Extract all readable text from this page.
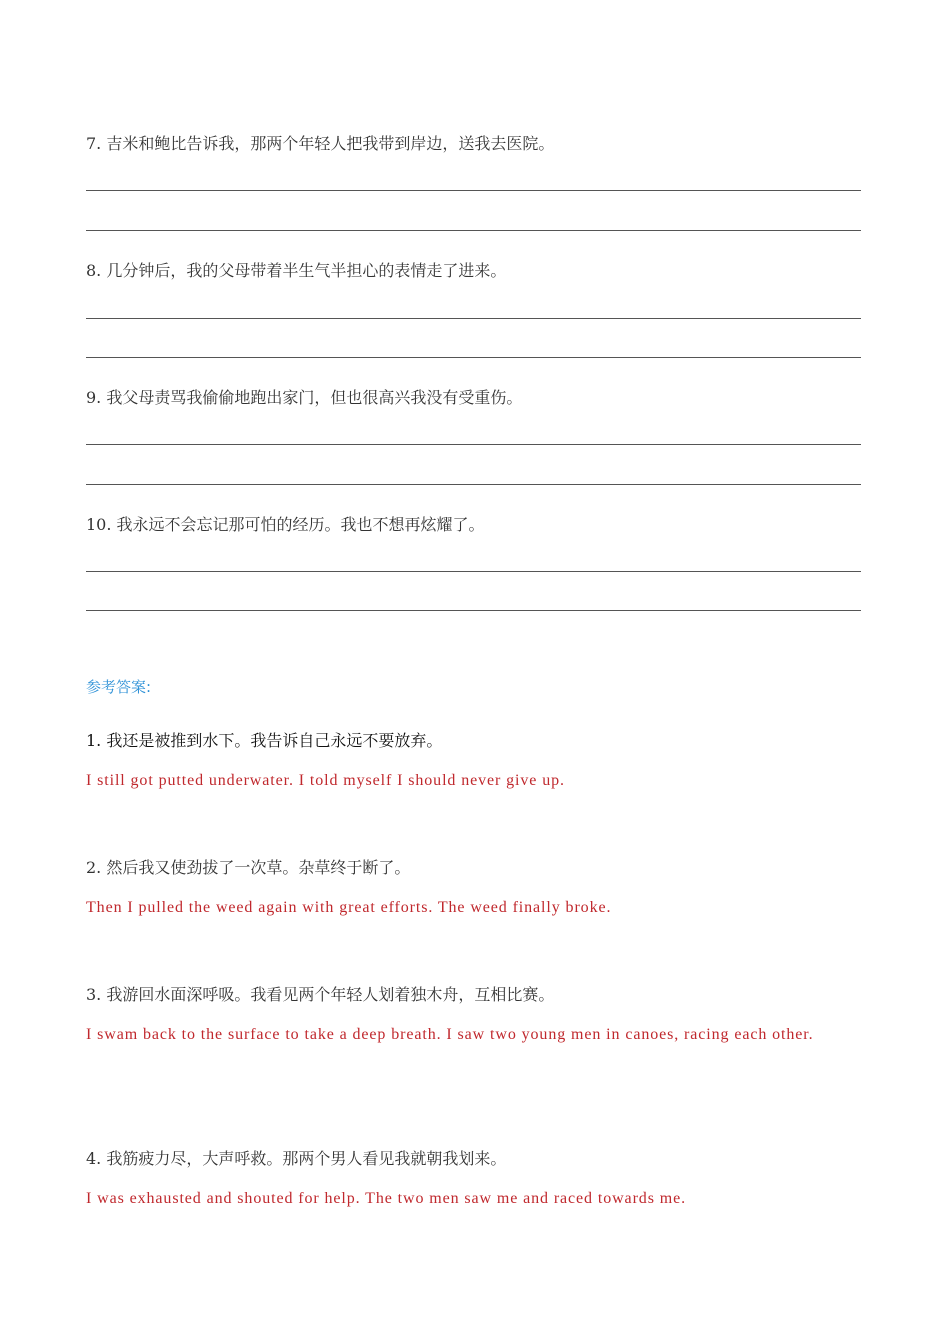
7. 吉米和鲍比告诉我，那两个年轻人把我带到岸边，送我去医院。
8. 几分钟后，我的父母带着半生气半担心的表情走了进来。
9. 我父母责骂我偷偷地跑出家门，但也很高兴我没有受重伤。
10. 我永远不会忘记那可怕的经历。我也不想再炫耀了。
参考答案:
1. 我还是被推到水下。我告诉自己永远不要放弃。
I still got putted underwater. I told myself I should never give up.
2. 然后我又使劲拔了一次草。杂草终于断了。
Then I pulled the weed again with great efforts. The weed finally broke.
3. 我游回水面深呼吸。我看见两个年轻人划着独木舟，互相比赛。
I swam back to the surface to take a deep breath. I saw two young men in canoes, racing each other.
4. 我筋疲力尽，大声呼救。那两个男人看见我就朝我划来。
I was exhausted and shouted for help. The two men saw me and raced towards me.
